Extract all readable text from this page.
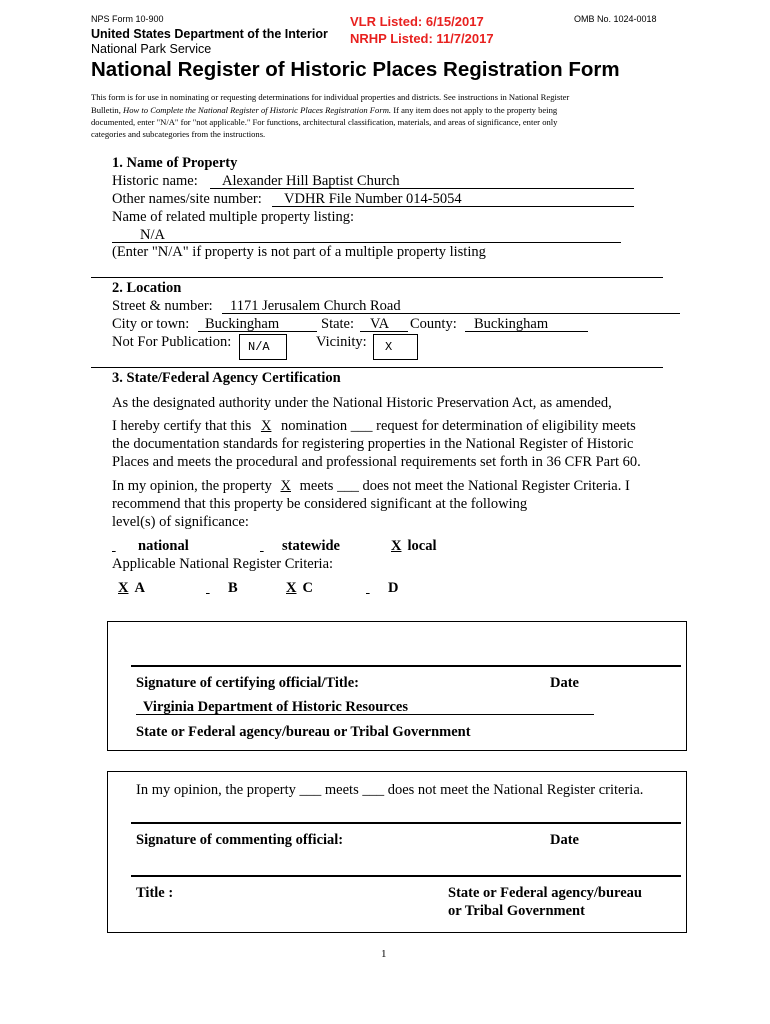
NPS Form 10-900	OMB No. 1024-0018
VLR Listed: 6/15/2017
NRHP Listed: 11/7/2017
United States Department of the Interior
National Park Service
National Register of Historic Places Registration Form
This form is for use in nominating or requesting determinations for individual properties and districts. See instructions in National Register
Bulletin, How to Complete the National Register of Historic Places Registration Form. If any item does not apply to the property being
documented, enter "N/A" for "not applicable." For functions, architectural classification, materials, and areas of significance, enter only
categories and subcategories from the instructions.
1. Name of Property
Historic name: Alexander Hill Baptist Church
Other names/site number: VDHR File Number 014-5054
Name of related multiple property listing:
N/A
(Enter "N/A" if property is not part of a multiple property listing
2. Location
Street & number: 1171 Jerusalem Church Road
City or town: Buckingham	State: VA County: Buckingham
Not For Publication: N/A	Vicinity: X
3. State/Federal Agency Certification
As the designated authority under the National Historic Preservation Act, as amended,
I hereby certify that this X nomination ___ request for determination of eligibility meets
the documentation standards for registering properties in the National Register of Historic
Places and meets the procedural and professional requirements set forth in 36 CFR Part 60.
In my opinion, the property X meets ___ does not meet the National Register Criteria. I
recommend that this property be considered significant at the following
level(s) of significance:
national	statewide	X local
Applicable National Register Criteria:
X A	B	X C	D
Signature of certifying official/Title:	Date
Virginia Department of Historic Resources
State or Federal agency/bureau or Tribal Government
In my opinion, the property ___ meets ___ does not meet the National Register criteria.
Signature of commenting official:	Date
Title :	State or Federal agency/bureau
or Tribal Government
1
